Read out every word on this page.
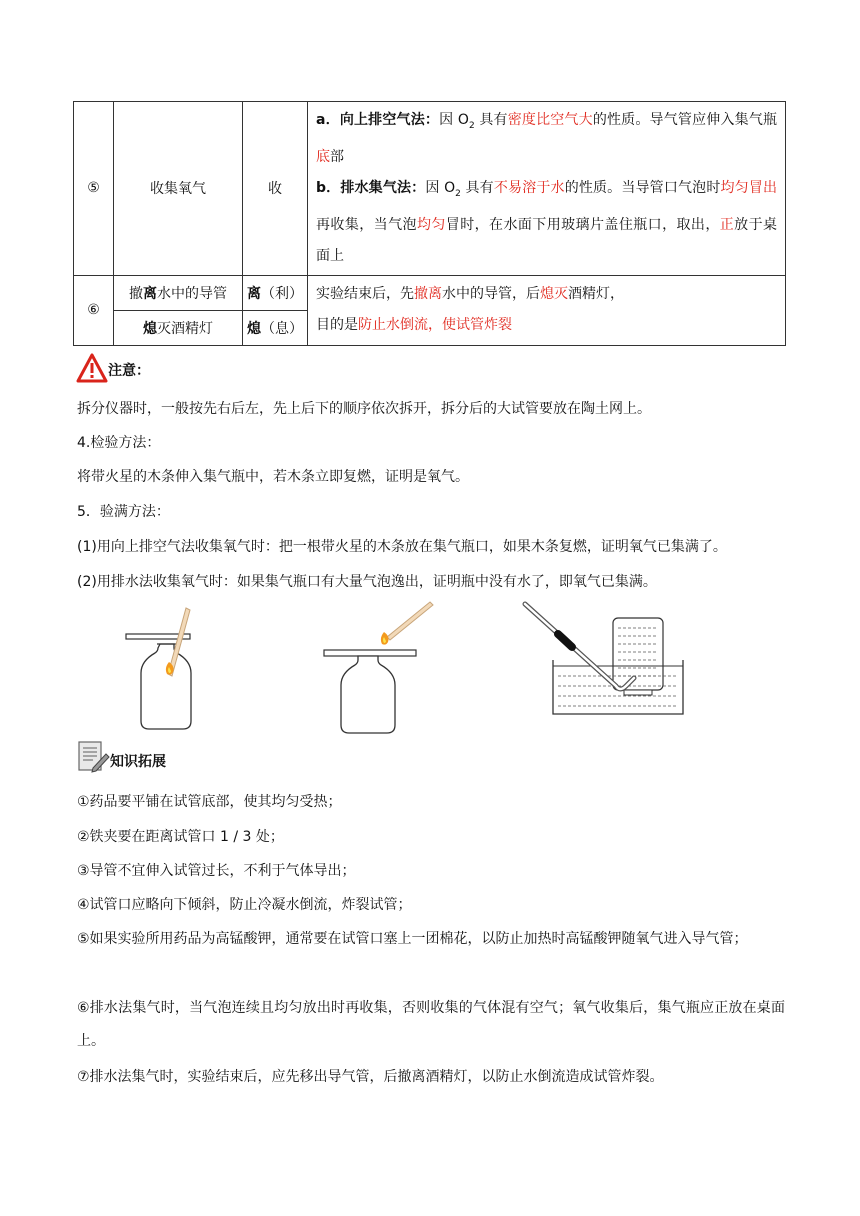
⑤	收集氧气	收	a．向上排空气法：因 $O_2$ 具有密度比空气大的性质。导气管应伸入集气瓶底部

b．排水集气法：因 $O_2$ 具有不易溶于水的性质。当导管口气泡时均匀冒出再收集，当气泡均匀冒时，在水面下用玻璃片盖住瓶口，取出，正放于桌面上

⑥	撤离水中的导管	离（利）	实验结束后，先撤离水中的导管，后熄灭酒精灯，

目的是防止水倒流，使试管炸裂

	熄灭酒精灯	熄（息）	
注意：
拆分仪器时，一般按先右后左，先上后下的顺序依次拆开，拆分后的大试管要放在陶土网上。
4.检验方法：
将带火星的木条伸入集气瓶中，若木条立即复燃，证明是氧气。
5．验满方法：
(1)用向上排空气法收集氧气时：把一根带火星的木条放在集气瓶口，如果木条复燃，证明氧气已集满了。
(2)用排水法收集氧气时：如果集气瓶口有大量气泡逸出，证明瓶中没有水了，即氧气已集满。
知识拓展
①药品要平铺在试管底部，使其均匀受热；
②铁夹要在距离试管口 1 / 3 处；
③导管不宜伸入试管过长，不利于气体导出；
④试管口应略向下倾斜，防止冷凝水倒流，炸裂试管；
⑤如果实验所用药品为高锰酸钾，通常要在试管口塞上一团棉花，以防止加热时高锰酸钾随氧气进入导气管；
⑥排水法集气时，当气泡连续且均匀放出时再收集，否则收集的气体混有空气；氧气收集后，集气瓶应正放在桌面上。
⑦排水法集气时，实验结束后，应先移出导气管，后撤离酒精灯，以防止水倒流造成试管炸裂。
